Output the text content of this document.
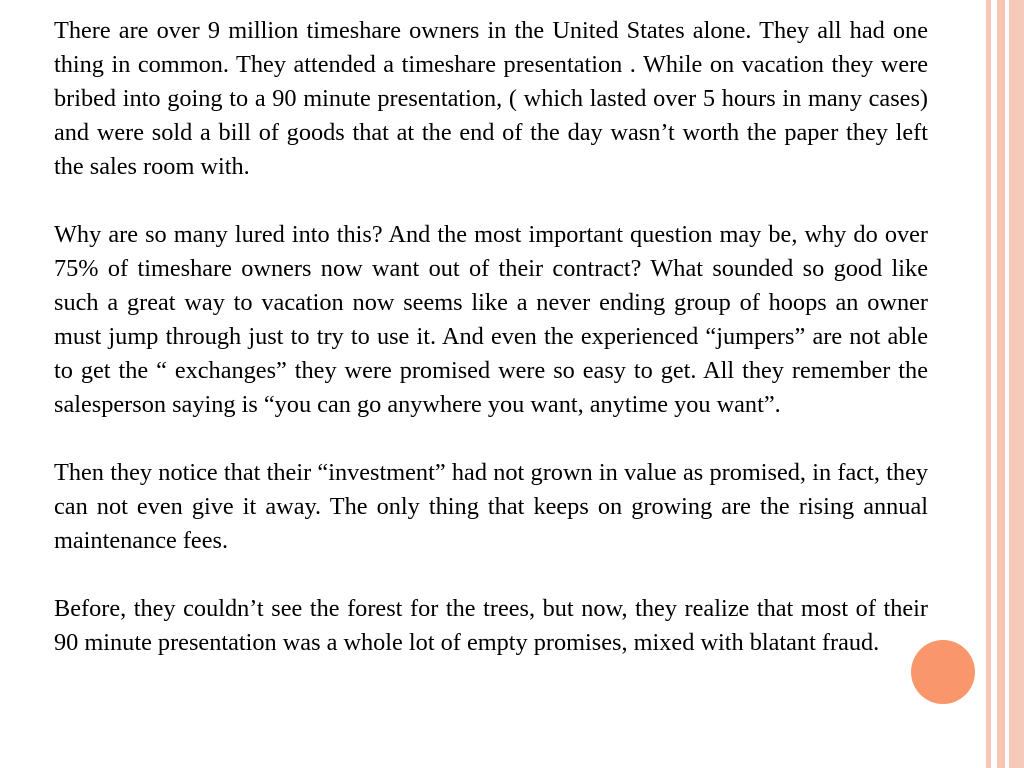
There are over 9 million timeshare owners in the United States alone. They all had one thing in common. They attended a timeshare presentation . While on vacation they were bribed into going to a 90 minute presentation, ( which lasted over 5 hours in many cases) and were sold a bill of goods that at the end of the day wasn’t worth the paper they left the sales room with.

Why are so many lured into this? And the most important question may be, why do over 75% of timeshare owners now want out of their contract? What sounded so good like such a great way to vacation now seems like a never ending group of hoops an owner must jump through just to try to use it. And even the experienced “jumpers” are not able to get the “ exchanges” they were promised were so easy to get. All they remember the salesperson saying is “you can go anywhere you want, anytime you want”.

Then they notice that their “investment” had not grown in value as promised, in fact, they can not even give it away. The only thing that keeps on growing are the rising annual maintenance fees.

Before, they couldn’t see the forest for the trees, but now, they realize that most of their 90 minute presentation was a whole lot of empty promises, mixed with blatant fraud.
